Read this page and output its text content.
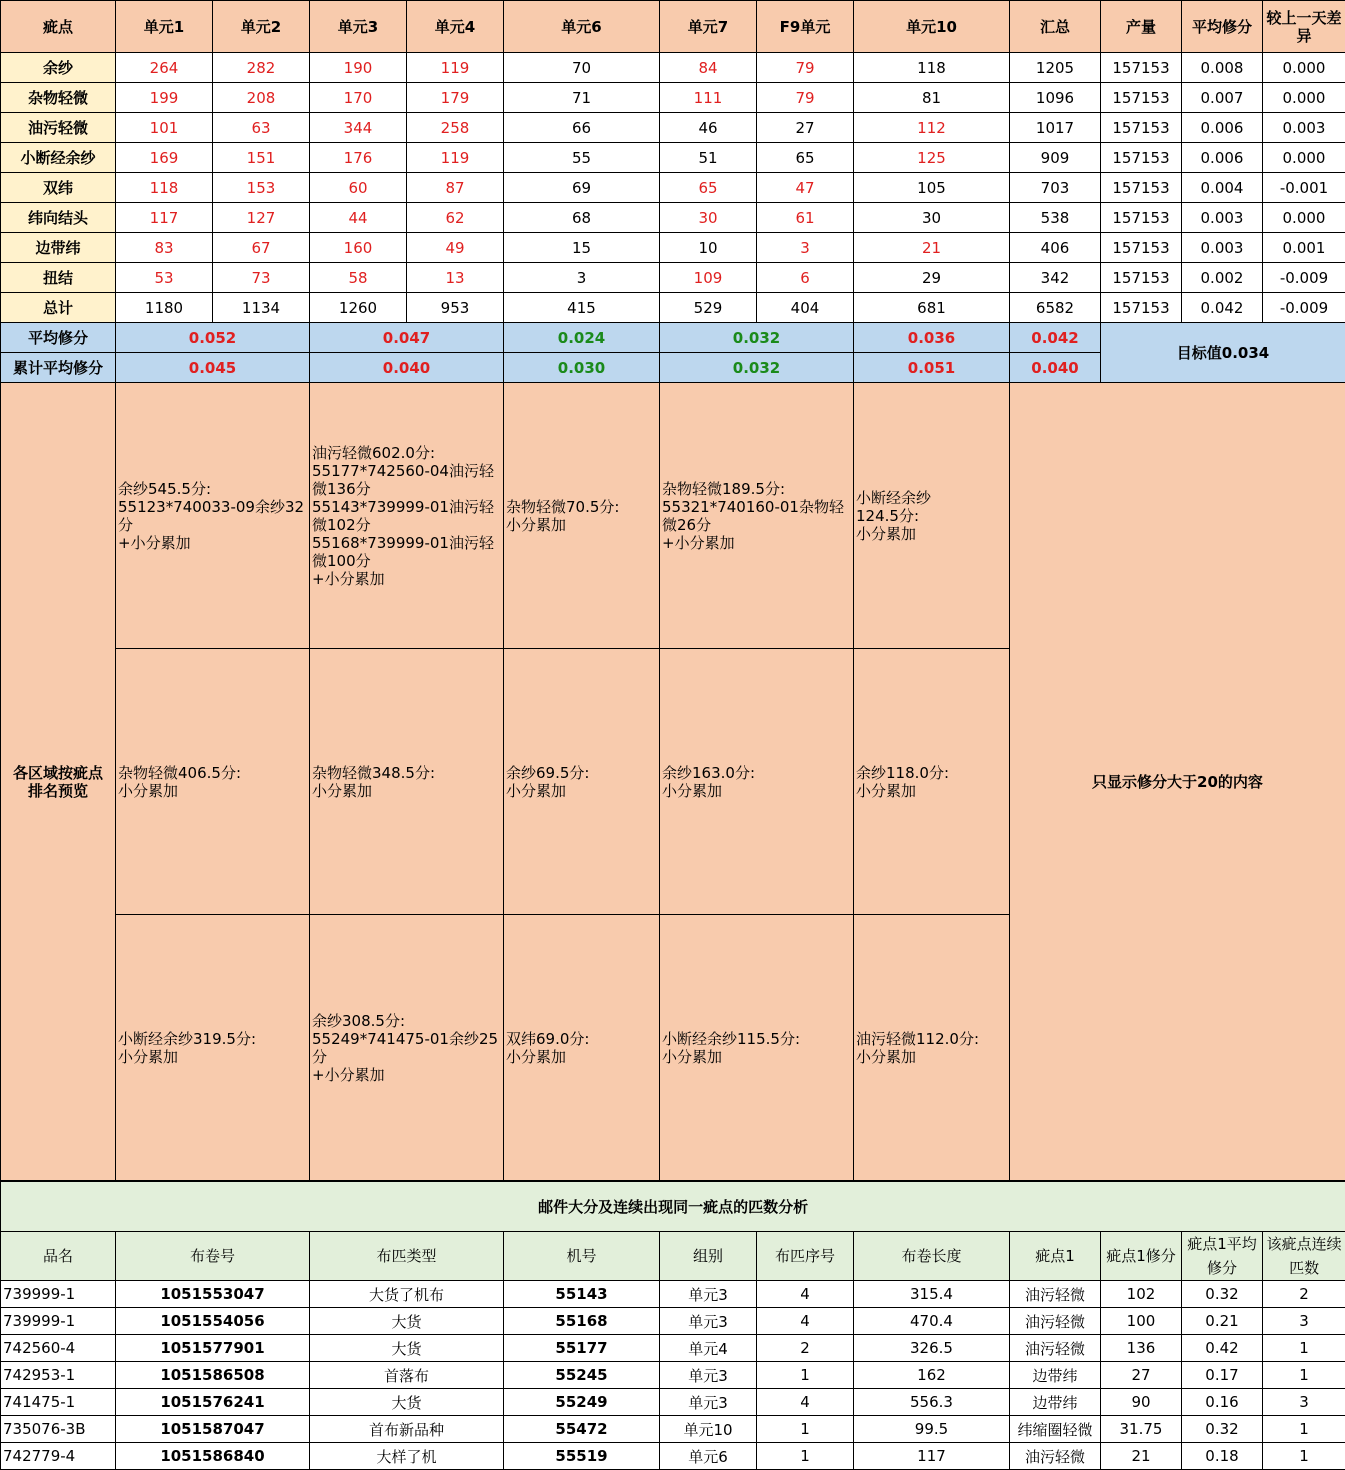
疵点	单元1	单元2	单元3	单元4	单元6	单元7	F9单元	单元10	汇总	产量	平均修分	较上一天差异
余纱	264	282	190	119	70	84	79	118	1205	157153	0.008	0.000
杂物轻微	199	208	170	179	71	111	79	81	1096	157153	0.007	0.000
油污轻微	101	63	344	258	66	46	27	112	1017	157153	0.006	0.003
小断经余纱	169	151	176	119	55	51	65	125	909	157153	0.006	0.000
双纬	118	153	60	87	69	65	47	105	703	157153	0.004	-0.001
纬向结头	117	127	44	62	68	30	61	30	538	157153	0.003	0.000
边带纬	83	67	160	49	15	10	3	21	406	157153	0.003	0.001
扭结	53	73	58	13	3	109	6	29	342	157153	0.002	-0.009
总计	1180	1134	1260	953	415	529	404	681	6582	157153	0.042	-0.009
平均修分	0.052		0.047		0.024	0.032		0.036	0.042	目标值0.034		
累计平均修分	0.045		0.040		0.030	0.032		0.051	0.040			
各区域按疵点
排名预览	余纱545.5分:
55123*740033-09余纱32分
+小分累加		油污轻微602.0分:
55177*742560-04油污轻微136分
55143*739999-01油污轻微102分
55168*739999-01油污轻微100分
+小分累加		杂物轻微70.5分:
小分累加	杂物轻微189.5分:
55321*740160-01杂物轻微26分
+小分累加		小断经余纱
124.5分:
小分累加	只显示修分大于20的内容			
	杂物轻微406.5分:
小分累加		杂物轻微348.5分:
小分累加		余纱69.5分:
小分累加	余纱163.0分:
小分累加		余纱118.0分:
小分累加				
	小断经余纱319.5分:
小分累加		余纱308.5分:
55249*741475-01余纱25分
+小分累加		双纬69.0分:
小分累加	小断经余纱115.5分:
小分累加		油污轻微112.0分:
小分累加				
邮件大分及连续出现同一疵点的匹数分析										
品名	布卷号	布匹类型	机号	组别	布匹序号	布卷长度	疵点1	疵点1修分	疵点1平均修分	该疵点连续匹数
739999-1	1051553047	大货了机布	55143	单元3	4	315.4	油污轻微	102	0.32	2
739999-1	1051554056	大货	55168	单元3	4	470.4	油污轻微	100	0.21	3
742560-4	1051577901	大货	55177	单元4	2	326.5	油污轻微	136	0.42	1
742953-1	1051586508	首落布	55245	单元3	1	162	边带纬	27	0.17	1
741475-1	1051576241	大货	55249	单元3	4	556.3	边带纬	90	0.16	3
735076-3B	1051587047	首布新品种	55472	单元10	1	99.5	纬缩圈轻微	31.75	0.32	1
742779-4	1051586840	大样了机	55519	单元6	1	117	油污轻微	21	0.18	1
